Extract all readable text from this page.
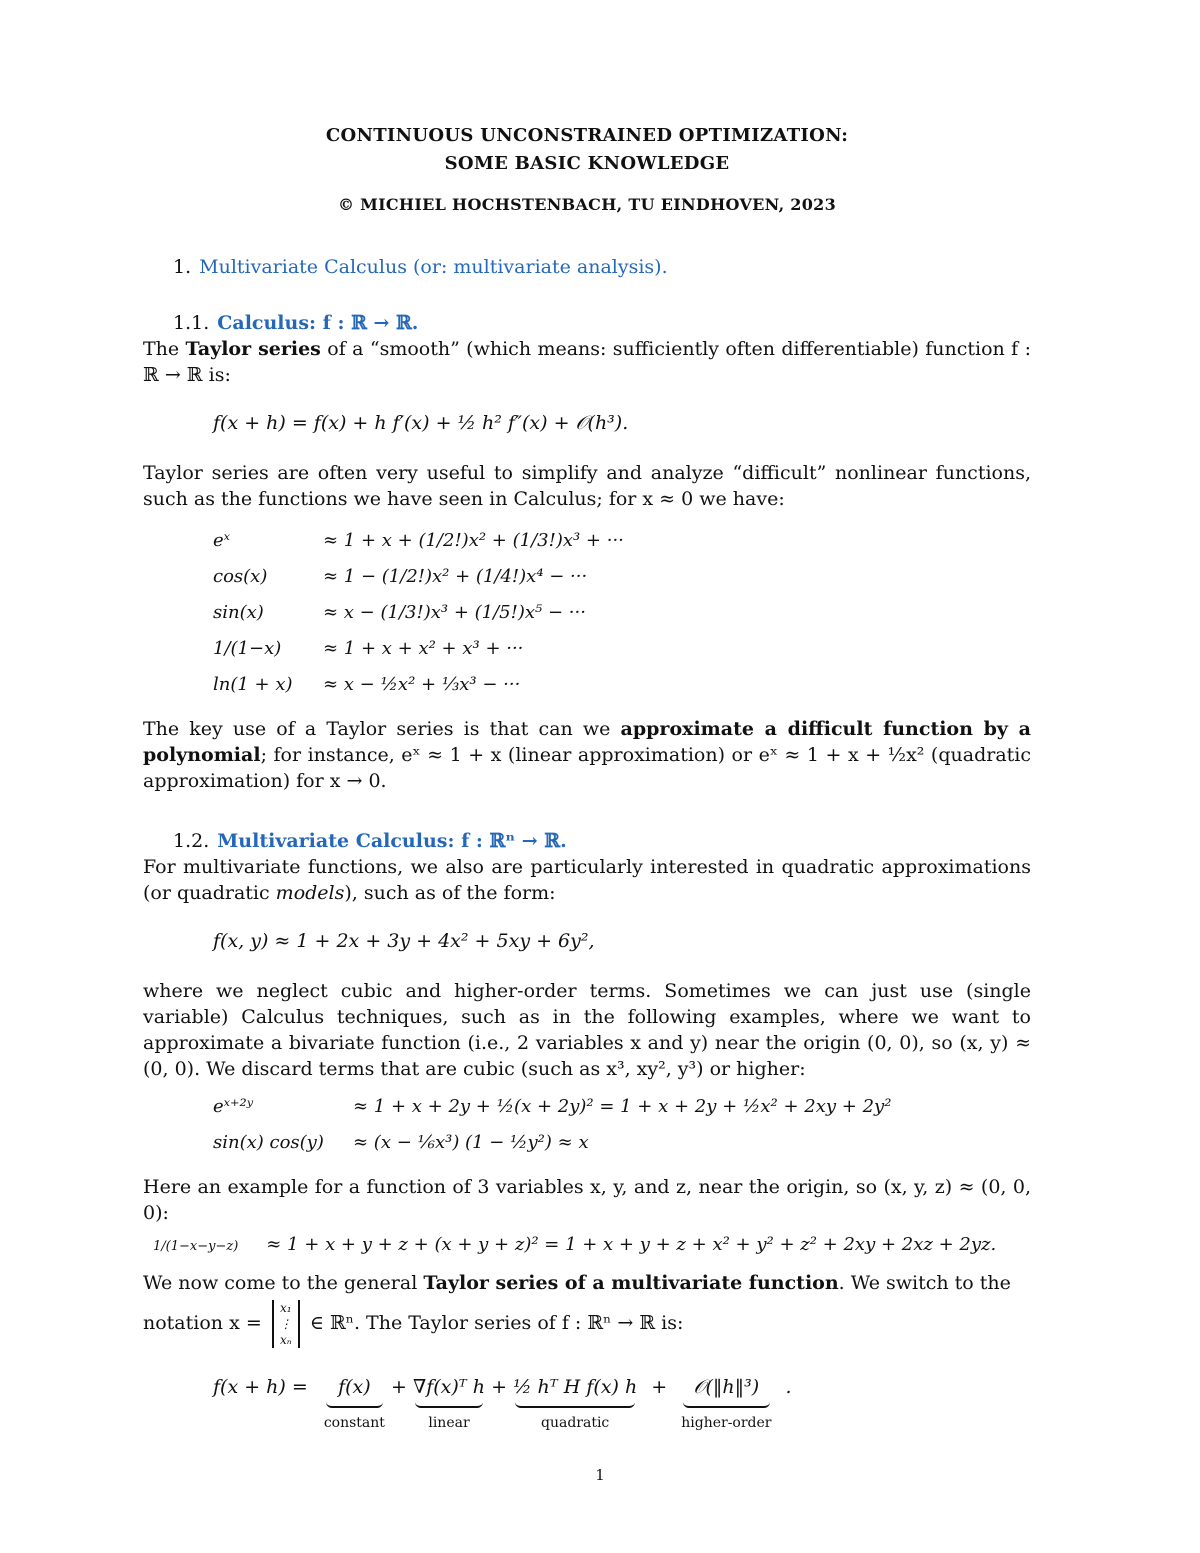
CONTINUOUS UNCONSTRAINED OPTIMIZATION:
SOME BASIC KNOWLEDGE
© MICHIEL HOCHSTENBACH, TU EINDHOVEN, 2023
1. Multivariate Calculus (or: multivariate analysis).
1.1. Calculus: f : ℝ → ℝ.

The Taylor series of a “smooth” (which means: sufficiently often differentiable) function f : ℝ → ℝ is:

f(x + h) = f(x) + h f′(x) + ½ h² f″(x) + 𝒪(h³).

Taylor series are often very useful to simplify and analyze “difficult” nonlinear functions, such as the functions we have seen in Calculus; for x ≈ 0 we have:

eˣ	≈ 1 + x + (1/2!)x² + (1/3!)x³ + ···
cos(x)	≈ 1 − (1/2!)x² + (1/4!)x⁴ − ···
sin(x)	≈ x − (1/3!)x³ + (1/5!)x⁵ − ···
1/(1−x)	≈ 1 + x + x² + x³ + ···
ln(1 + x)	≈ x − ½x² + ⅓x³ − ···

The key use of a Taylor series is that can we approximate a difficult function by a polynomial; for instance, eˣ ≈ 1 + x (linear approximation) or eˣ ≈ 1 + x + ½x² (quadratic approximation) for x → 0.

1.2. Multivariate Calculus: f : ℝⁿ → ℝ.

For multivariate functions, we also are particularly interested in quadratic approximations (or quadratic models), such as of the form:

f(x, y) ≈ 1 + 2x + 3y + 4x² + 5xy + 6y²,

where we neglect cubic and higher-order terms. Sometimes we can just use (single variable) Calculus techniques, such as in the following examples, where we want to approximate a bivariate function (i.e., 2 variables x and y) near the origin (0, 0), so (x, y) ≈ (0, 0). We discard terms that are cubic (such as x³, xy², y³) or higher:

eˣ⁺²ʸ	≈ 1 + x + 2y + ½(x + 2y)² = 1 + x + 2y + ½x² + 2xy + 2y²
sin(x) cos(y)	≈ (x − ⅙x³) (1 − ½y²) ≈ x

Here an example for a function of 3 variables x, y, and z, near the origin, so (x, y, z) ≈ (0, 0, 0):

1/(1−x−y−z) ≈ 1 + x + y + z + (x + y + z)² = 1 + x + y + z + x² + y² + z² + 2xy + 2xz + 2yz.

We now come to the general Taylor series of a multivariate function. We switch to the

notation x =
x₁
⋮
xₙ
∈ ℝⁿ. The Taylor series of f : ℝⁿ → ℝ is:

f(x + h) = f(x)
constant
+ ∇f(x)ᵀ h
linear
+ ½ hᵀ H f(x) h
quadratic
+ 𝒪(‖h‖³)
higher-order
.
1
